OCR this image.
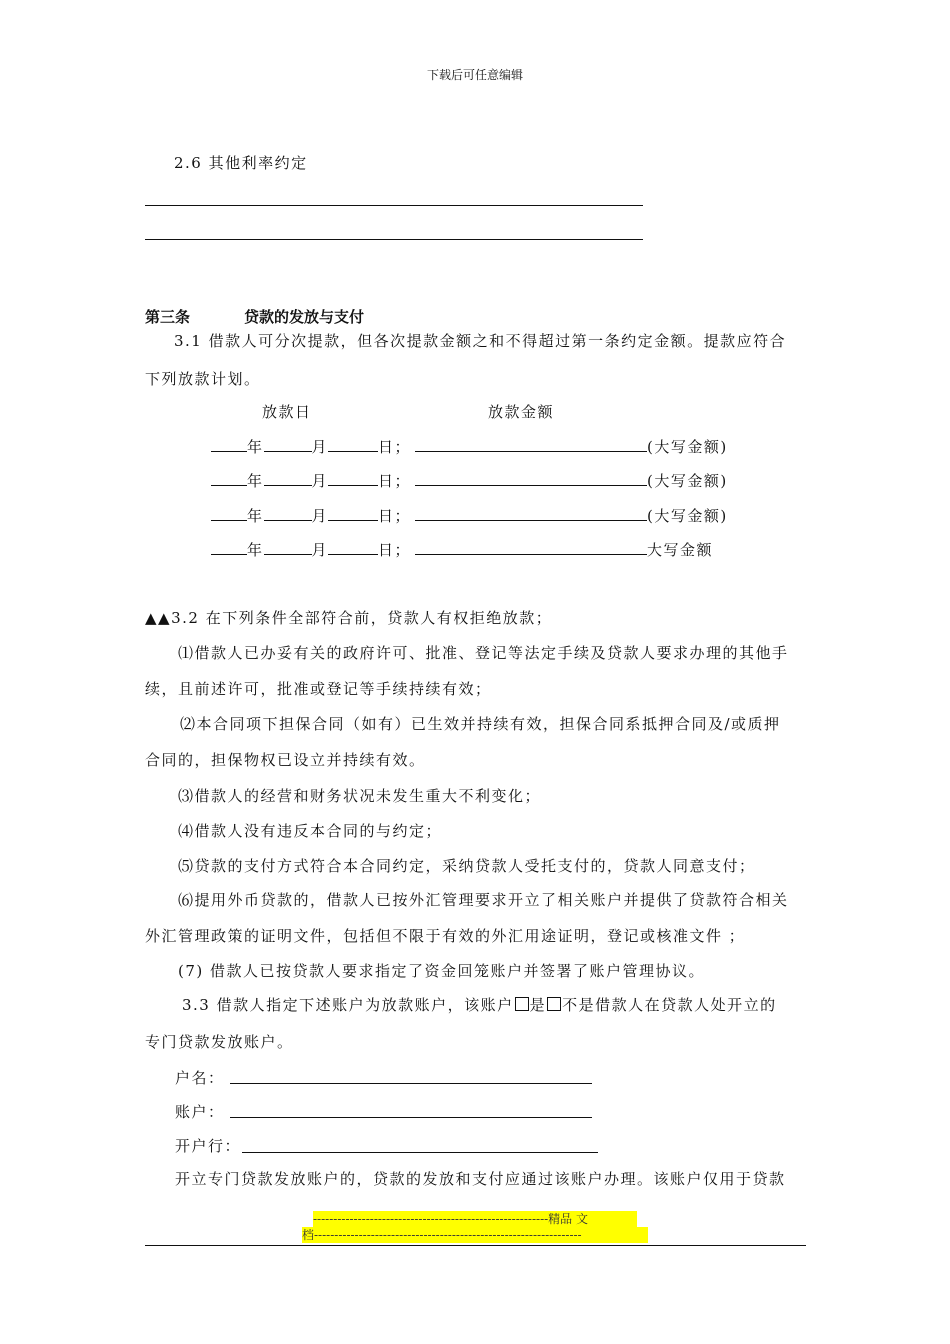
下载后可任意编辑
2.6 其他利率约定
第三条	贷款的发放与支付
3.1 借款人可分次提款，但各次提款金额之和不得超过第一条约定金额。提款应符合
下列放款计划。
放款日	放款金额
年	月	日；	(大写金额)
年	月	日；	(大写金额)
年	月	日；	(大写金额)
年	月	日；	大写金额
▲▲3.2 在下列条件全部符合前，贷款人有权拒绝放款；
⑴借款人已办妥有关的政府许可、批准、登记等法定手续及贷款人要求办理的其他手
续，且前述许可，批准或登记等手续持续有效；
⑵本合同项下担保合同（如有）已生效并持续有效，担保合同系抵押合同及/或质押
合同的，担保物权已设立并持续有效。
⑶借款人的经营和财务状况未发生重大不利变化；
⑷借款人没有违反本合同的与约定；
⑸贷款的支付方式符合本合同约定，采纳贷款人受托支付的，贷款人同意支付；
⑹提用外币贷款的，借款人已按外汇管理要求开立了相关账户并提供了贷款符合相关
外汇管理政策的证明文件，包括但不限于有效的外汇用途证明，登记或核准文件 ；
(7) 借款人已按贷款人要求指定了资金回笼账户并签署了账户管理协议。
3.3 借款人指定下述账户为放款账户，该账户 是 不是借款人在贷款人处开立的
专门贷款发放账户。
户名：
账户：
开户行：
开立专门贷款发放账户的，贷款的发放和支付应通过该账户办理。该账户仅用于贷款
----------------------------------------------------------精品 文
档------------------------------------------------------------------
